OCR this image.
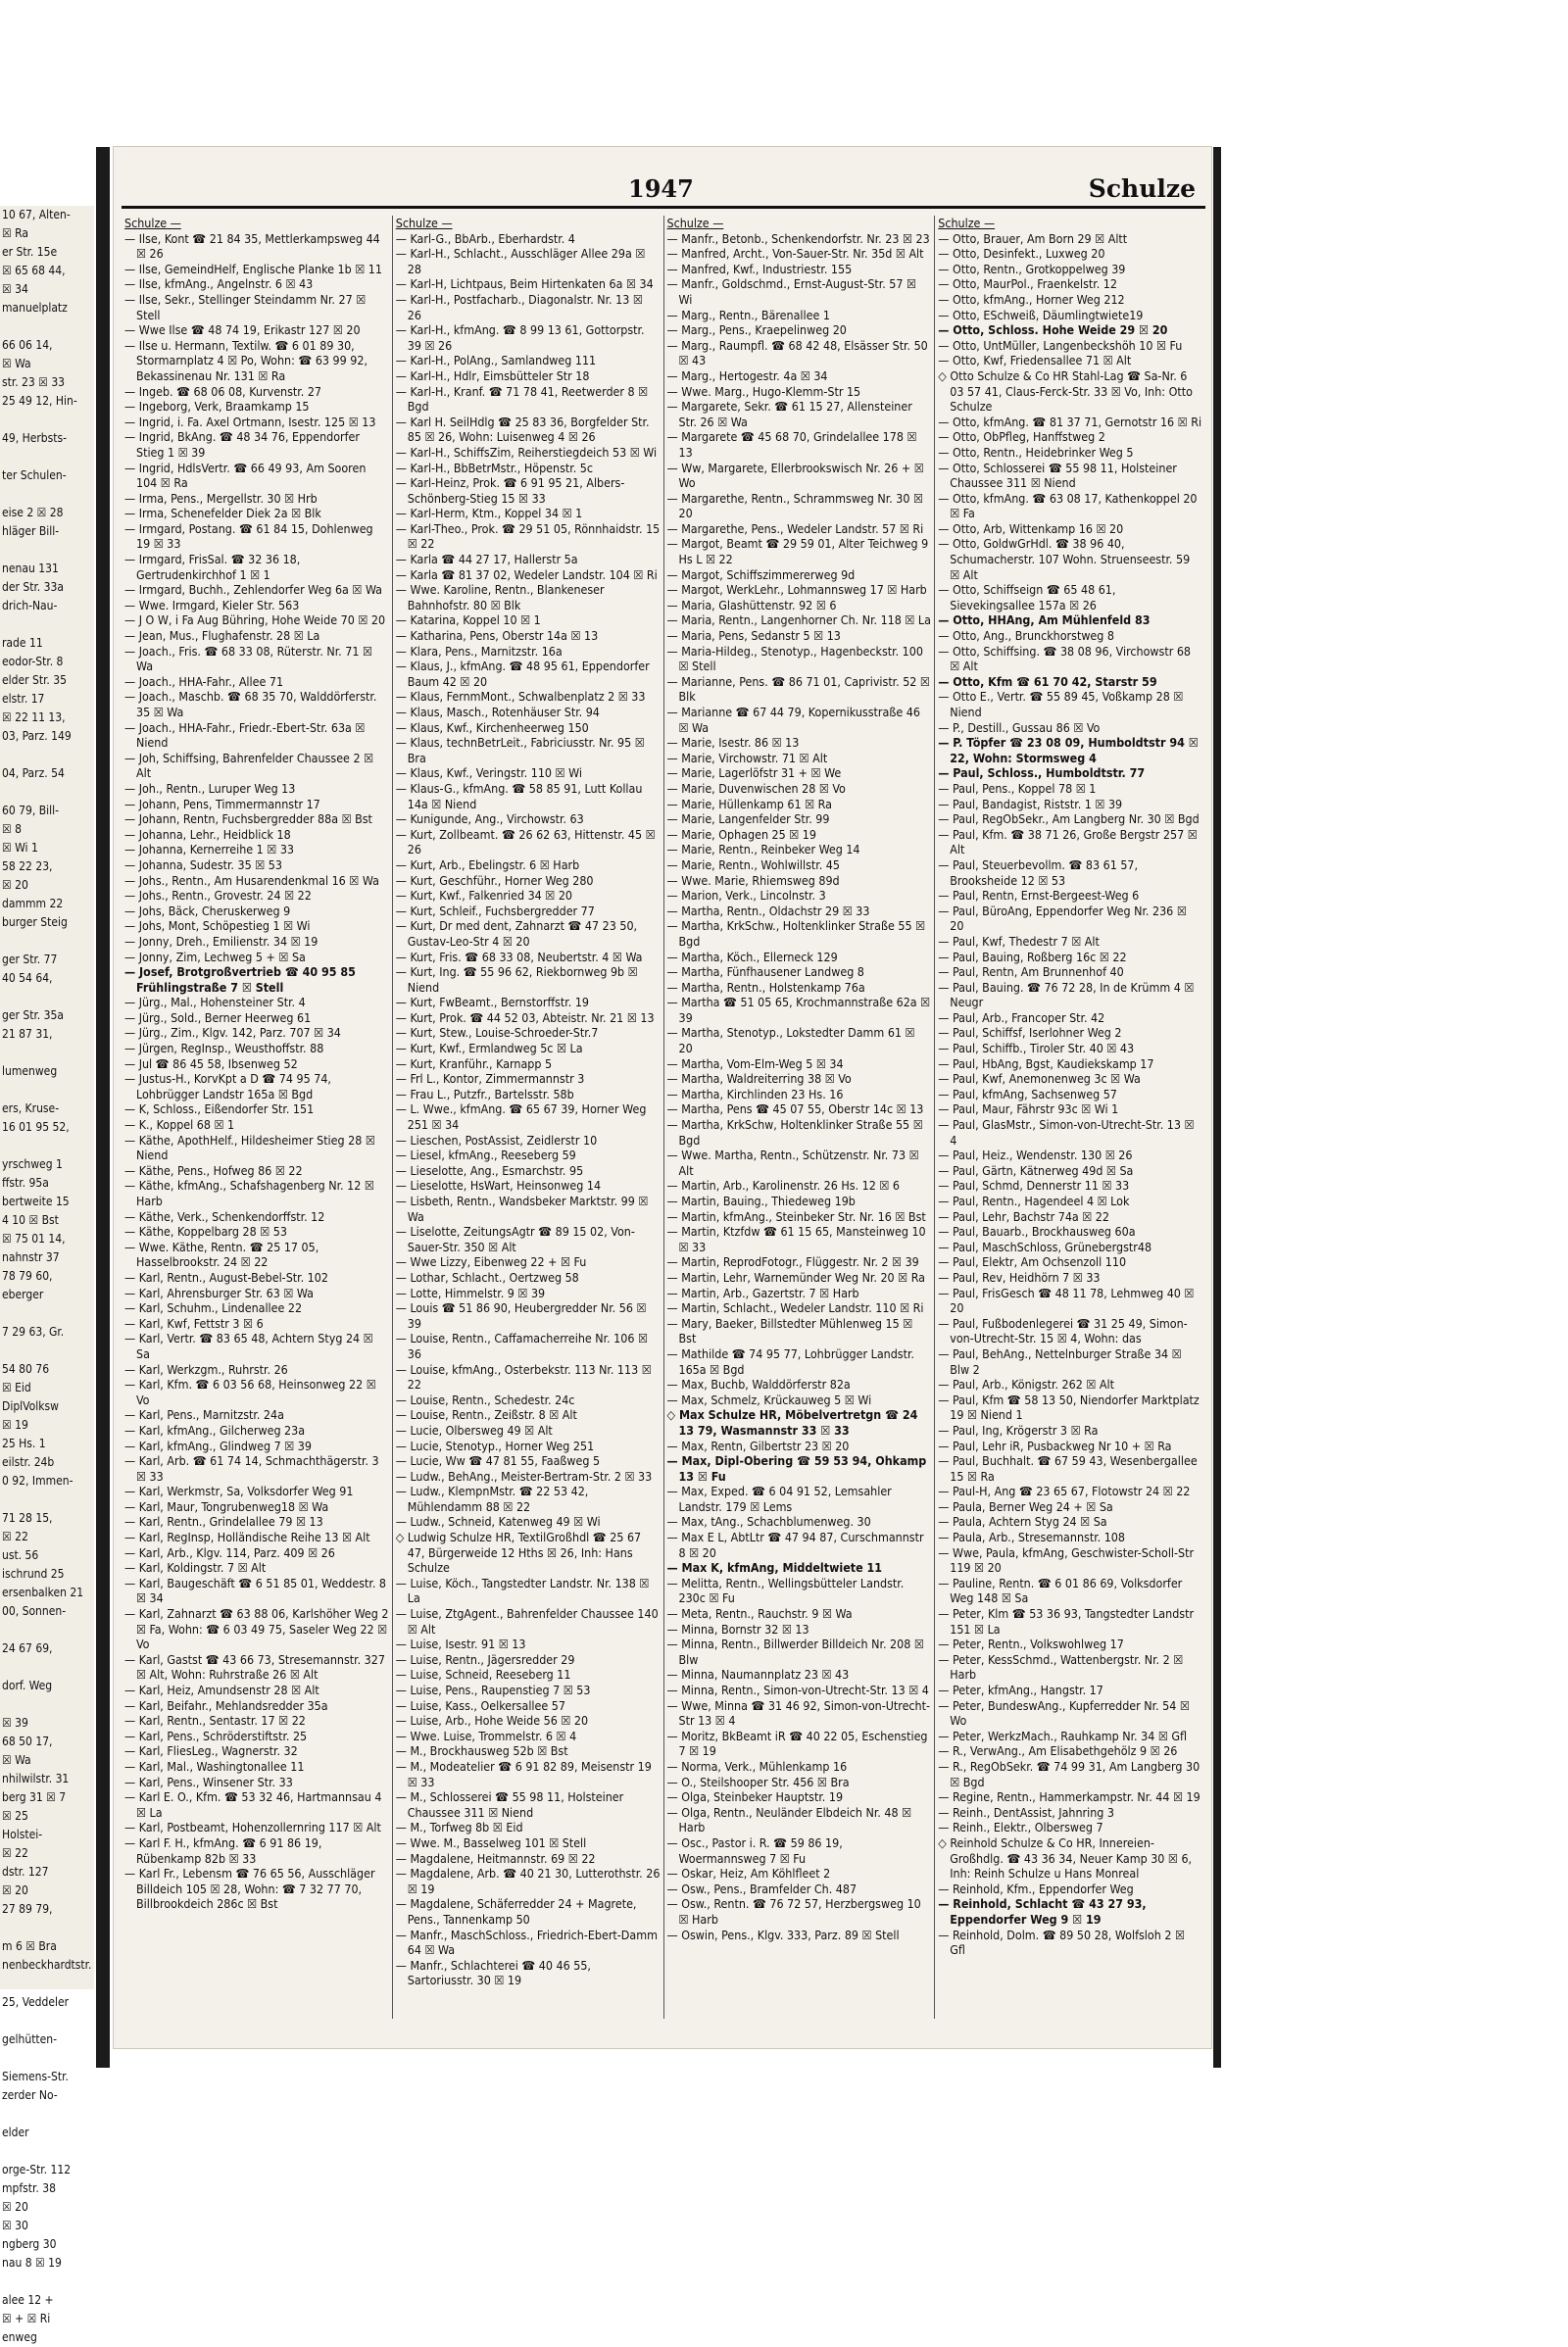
10 67, Alten-
☒ Ra
er Str. 15e
☒ 65 68 44,
☒ 34
manuelplatz

66 06 14,
☒ Wa
str. 23 ☒ 33
25 49 12, Hin-

49, Herbsts-

ter Schulen-

eise 2 ☒ 28
hläger Bill-

nenau 131
der Str. 33a
drich-Nau-

rade 11
eodor-Str. 8
elder Str. 35
elstr. 17
☒ 22 11 13,
03, Parz. 149

04, Parz. 54

60 79, Bill-
☒ 8
☒ Wi 1
58 22 23,
☒ 20
dammm 22
burger Steig

ger Str. 77
40 54 64,

ger Str. 35a
21 87 31,

lumenweg

ers, Kruse-
16 01 95 52,

yrschweg 1
ffstr. 95a
bertweite 15
4 10 ☒ Bst
☒ 75 01 14,
nahnstr 37
78 79 60,
eberger

7 29 63, Gr.

54 80 76
☒ Eid
DiplVolksw
☒ 19
25 Hs. 1
eilstr. 24b
0 92, Immen-

71 28 15,
☒ 22
ust. 56
ischrund 25
ersenbalken 21
00, Sonnen-

24 67 69,

dorf. Weg

☒ 39
68 50 17,
☒ Wa
nhilwilstr. 31
berg 31 ☒ 7
☒ 25
Holstei-
☒ 22
dstr. 127
☒ 20
27 89 79,

m 6 ☒ Bra
nenbeckhardtstr.

25, Veddeler

gelhütten-

Siemens-Str.
zerder No-

elder

orge-Str. 112
mpfstr. 38
☒ 20
☒ 30
ngberg 30
nau 8 ☒ 19

alee 12 +
☒ + ☒ Ri
enweg
1947	Schulze
Schulze —
— Ilse, Kont ☎ 21 84 35, Mettlerkampsweg 44 ☒ 26
— Ilse, GemeindHelf, Englische Planke 1b ☒ 11
— Ilse, kfmAng., Angelnstr. 6 ☒ 43
— Ilse, Sekr., Stellinger Steindamm Nr. 27 ☒ Stell
— Wwe Ilse ☎ 48 74 19, Erikastr 127 ☒ 20
— Ilse u. Hermann, Textilw. ☎ 6 01 89 30, Stormarnplatz 4 ☒ Po, Wohn: ☎ 63 99 92, Bekassinenau Nr. 131 ☒ Ra
— Ingeb. ☎ 68 06 08, Kurvenstr. 27
— Ingeborg, Verk, Braamkamp 15
— Ingrid, i. Fa. Axel Ortmann, Isestr. 125 ☒ 13
— Ingrid, BkAng. ☎ 48 34 76, Eppendorfer Stieg 1 ☒ 39
— Ingrid, HdlsVertr. ☎ 66 49 93, Am Sooren 104 ☒ Ra
— Irma, Pens., Mergellstr. 30 ☒ Hrb
— Irma, Schenefelder Diek 2a ☒ Blk
— Irmgard, Postang. ☎ 61 84 15, Dohlenweg 19 ☒ 33
— Irmgard, FrisSal. ☎ 32 36 18, Gertrudenkirchhof 1 ☒ 1
— Irmgard, Buchh., Zehlendorfer Weg 6a ☒ Wa
— Wwe. Irmgard, Kieler Str. 563
— J O W, i Fa Aug Bühring, Hohe Weide 70 ☒ 20
— Jean, Mus., Flughafenstr. 28 ☒ La
— Joach., Fris. ☎ 68 33 08, Rüterstr. Nr. 71 ☒ Wa
— Joach., HHA-Fahr., Allee 71
— Joach., Maschb. ☎ 68 35 70, Walddörferstr. 35 ☒ Wa
— Joach., HHA-Fahr., Friedr.-Ebert-Str. 63a ☒ Niend
— Joh, Schiffsing, Bahrenfelder Chaussee 2 ☒ Alt
— Joh., Rentn., Luruper Weg 13
— Johann, Pens, Timmermannstr 17
— Johann, Rentn, Fuchsbergredder 88a ☒ Bst
— Johanna, Lehr., Heidblick 18
— Johanna, Kernerreihe 1 ☒ 33
— Johanna, Sudestr. 35 ☒ 53
— Johs., Rentn., Am Husarendenkmal 16 ☒ Wa
— Johs., Rentn., Grovestr. 24 ☒ 22
— Johs, Bäck, Cheruskerweg 9
— Johs, Mont, Schöpestieg 1 ☒ Wi
— Jonny, Dreh., Emilienstr. 34 ☒ 19
— Jonny, Zim, Lechweg 5 + ☒ Sa
— Josef, Brotgroßvertrieb ☎ 40 95 85 Frühlingstraße 7 ☒ Stell
— Jürg., Mal., Hohensteiner Str. 4
— Jürg., Sold., Berner Heerweg 61
— Jürg., Zim., Klgv. 142, Parz. 707 ☒ 34
— Jürgen, RegInsp., Weusthoffstr. 88
— Jul ☎ 86 45 58, Ibsenweg 52
— Justus-H., KorvKpt a D ☎ 74 95 74, Lohbrügger Landstr 165a ☒ Bgd
— K, Schloss., Eißendorfer Str. 151
— K., Koppel 68 ☒ 1
— Käthe, ApothHelf., Hildesheimer Stieg 28 ☒ Niend
— Käthe, Pens., Hofweg 86 ☒ 22
— Käthe, kfmAng., Schafshagenberg Nr. 12 ☒ Harb
— Käthe, Verk., Schenkendorffstr. 12
— Käthe, Koppelbarg 28 ☒ 53
— Wwe. Käthe, Rentn. ☎ 25 17 05, Hasselbrookstr. 24 ☒ 22
— Karl, Rentn., August-Bebel-Str. 102
— Karl, Ahrensburger Str. 63 ☒ Wa
— Karl, Schuhm., Lindenallee 22
— Karl, Kwf, Fettstr 3 ☒ 6
— Karl, Vertr. ☎ 83 65 48, Achtern Styg 24 ☒ Sa
— Karl, Werkzgm., Ruhrstr. 26
— Karl, Kfm. ☎ 6 03 56 68, Heinsonweg 22 ☒ Vo
— Karl, Pens., Marnitzstr. 24a
— Karl, kfmAng., Gilcherweg 23a
— Karl, kfmAng., Glindweg 7 ☒ 39
— Karl, Arb. ☎ 61 74 14, Schmachthägerstr. 3 ☒ 33
— Karl, Werkmstr, Sa, Volksdorfer Weg 91
— Karl, Maur, Tongrubenweg18 ☒ Wa
— Karl, Rentn., Grindelallee 79 ☒ 13
— Karl, RegInsp, Holländische Reihe 13 ☒ Alt
— Karl, Arb., Klgv. 114, Parz. 409 ☒ 26
— Karl, Koldingstr. 7 ☒ Alt
— Karl, Baugeschäft ☎ 6 51 85 01, Weddestr. 8 ☒ 34
— Karl, Zahnarzt ☎ 63 88 06, Karlshöher Weg 2 ☒ Fa, Wohn: ☎ 6 03 49 75, Saseler Weg 22 ☒ Vo
— Karl, Gastst ☎ 43 66 73, Stresemannstr. 327 ☒ Alt, Wohn: Ruhrstraße 26 ☒ Alt
— Karl, Heiz, Amundsenstr 28 ☒ Alt
— Karl, Beifahr., Mehlandsredder 35a
— Karl, Rentn., Sentastr. 17 ☒ 22
— Karl, Pens., Schröderstiftstr. 25
— Karl, FliesLeg., Wagnerstr. 32
— Karl, Mal., Washingtonallee 11
— Karl, Pens., Winsener Str. 33
— Karl E. O., Kfm. ☎ 53 32 46, Hartmannsau 4 ☒ La
— Karl, Postbeamt, Hohenzollernring 117 ☒ Alt
— Karl F. H., kfmAng. ☎ 6 91 86 19, Rübenkamp 82b ☒ 33
— Karl Fr., Lebensm ☎ 76 65 56, Ausschläger Billdeich 105 ☒ 28, Wohn: ☎ 7 32 77 70, Billbrookdeich 286c ☒ Bst
Schulze —
— Karl-G., BbArb., Eberhardstr. 4
— Karl-H., Schlacht., Ausschläger Allee 29a ☒ 28
— Karl-H, Lichtpaus, Beim Hirtenkaten 6a ☒ 34
— Karl-H., Postfacharb., Diagonalstr. Nr. 13 ☒ 26
— Karl-H., kfmAng. ☎ 8 99 13 61, Gottorpstr. 39 ☒ 26
— Karl-H., PolAng., Samlandweg 111
— Karl-H., Hdlr, Eimsbütteler Str 18
— Karl-H., Kranf. ☎ 71 78 41, Reetwerder 8 ☒ Bgd
— Karl H. SeilHdlg ☎ 25 83 36, Borgfelder Str. 85 ☒ 26, Wohn: Luisenweg 4 ☒ 26
— Karl-H., SchiffsZim, Reiherstiegdeich 53 ☒ Wi
— Karl-H., BbBetrMstr., Höpenstr. 5c
— Karl-Heinz, Prok. ☎ 6 91 95 21, Albers-Schönberg-Stieg 15 ☒ 33
— Karl-Herm, Ktm., Koppel 34 ☒ 1
— Karl-Theo., Prok. ☎ 29 51 05, Rönnhaidstr. 15 ☒ 22
— Karla ☎ 44 27 17, Hallerstr 5a
— Karla ☎ 81 37 02, Wedeler Landstr. 104 ☒ Ri
— Wwe. Karoline, Rentn., Blankeneser Bahnhofstr. 80 ☒ Blk
— Katarina, Koppel 10 ☒ 1
— Katharina, Pens, Oberstr 14a ☒ 13
— Klara, Pens., Marnitzstr. 16a
— Klaus, J., kfmAng. ☎ 48 95 61, Eppendorfer Baum 42 ☒ 20
— Klaus, FernmMont., Schwalbenplatz 2 ☒ 33
— Klaus, Masch., Rotenhäuser Str. 94
— Klaus, Kwf., Kirchenheerweg 150
— Klaus, technBetrLeit., Fabriciusstr. Nr. 95 ☒ Bra
— Klaus, Kwf., Veringstr. 110 ☒ Wi
— Klaus-G., kfmAng. ☎ 58 85 91, Lutt Kollau 14a ☒ Niend
— Kunigunde, Ang., Virchowstr. 63
— Kurt, Zollbeamt. ☎ 26 62 63, Hittenstr. 45 ☒ 26
— Kurt, Arb., Ebelingstr. 6 ☒ Harb
— Kurt, Geschführ., Horner Weg 280
— Kurt, Kwf., Falkenried 34 ☒ 20
— Kurt, Schleif., Fuchsbergredder 77
— Kurt, Dr med dent, Zahnarzt ☎ 47 23 50, Gustav-Leo-Str 4 ☒ 20
— Kurt, Fris. ☎ 68 33 08, Neubertstr. 4 ☒ Wa
— Kurt, Ing. ☎ 55 96 62, Riekbornweg 9b ☒ Niend
— Kurt, FwBeamt., Bernstorffstr. 19
— Kurt, Prok. ☎ 44 52 03, Abteistr. Nr. 21 ☒ 13
— Kurt, Stew., Louise-Schroeder-Str.7
— Kurt, Kwf., Ermlandweg 5c ☒ La
— Kurt, Kranführ., Karnapp 5
— Frl L., Kontor, Zimmermannstr 3
— Frau L., Putzfr., Bartelsstr. 58b
— L. Wwe., kfmAng. ☎ 65 67 39, Horner Weg 251 ☒ 34
— Lieschen, PostAssist, Zeidlerstr 10
— Liesel, kfmAng., Reeseberg 59
— Lieselotte, Ang., Esmarchstr. 95
— Lieselotte, HsWart, Heinsonweg 14
— Lisbeth, Rentn., Wandsbeker Marktstr. 99 ☒ Wa
— Liselotte, ZeitungsAgtr ☎ 89 15 02, Von-Sauer-Str. 350 ☒ Alt
— Wwe Lizzy, Eibenweg 22 + ☒ Fu
— Lothar, Schlacht., Oertzweg 58
— Lotte, Himmelstr. 9 ☒ 39
— Louis ☎ 51 86 90, Heubergredder Nr. 56 ☒ 39
— Louise, Rentn., Caffamacherreihe Nr. 106 ☒ 36
— Louise, kfmAng., Osterbekstr. 113 Nr. 113 ☒ 22
— Louise, Rentn., Schedestr. 24c
— Louise, Rentn., Zeißstr. 8 ☒ Alt
— Lucie, Olbersweg 49 ☒ Alt
— Lucie, Stenotyp., Horner Weg 251
— Lucie, Ww ☎ 47 81 55, Faaßweg 5
— Ludw., BehAng., Meister-Bertram-Str. 2 ☒ 33
— Ludw., KlempnMstr. ☎ 22 53 42, Mühlendamm 88 ☒ 22
— Ludw., Schneid, Katenweg 49 ☒ Wi
◇ Ludwig Schulze HR, TextilGroßhdl ☎ 25 67 47, Bürgerweide 12 Hths ☒ 26, Inh: Hans Schulze
— Luise, Köch., Tangstedter Landstr. Nr. 138 ☒ La
— Luise, ZtgAgent., Bahrenfelder Chaussee 140 ☒ Alt
— Luise, Isestr. 91 ☒ 13
— Luise, Rentn., Jägersredder 29
— Luise, Schneid, Reeseberg 11
— Luise, Pens., Raupenstieg 7 ☒ 53
— Luise, Kass., Oelkersallee 57
— Luise, Arb., Hohe Weide 56 ☒ 20
— Wwe. Luise, Trommelstr. 6 ☒ 4
— M., Brockhausweg 52b ☒ Bst
— M., Modeatelier ☎ 6 91 82 89, Meisenstr 19 ☒ 33
— M., Schlosserei ☎ 55 98 11, Holsteiner Chaussee 311 ☒ Niend
— M., Torfweg 8b ☒ Eid
— Wwe. M., Basselweg 101 ☒ Stell
— Magdalene, Heitmannstr. 69 ☒ 22
— Magdalene, Arb. ☎ 40 21 30, Lutterothstr. 26 ☒ 19
— Magdalene, Schäferredder 24 + Magrete, Pens., Tannenkamp 50
— Manfr., MaschSchloss., Friedrich-Ebert-Damm 64 ☒ Wa
— Manfr., Schlachterei ☎ 40 46 55, Sartoriusstr. 30 ☒ 19
Schulze —
— Manfr., Betonb., Schenkendorfstr. Nr. 23 ☒ 23
— Manfred, Archt., Von-Sauer-Str. Nr. 35d ☒ Alt
— Manfred, Kwf., Industriestr. 155
— Manfr., Goldschmd., Ernst-August-Str. 57 ☒ Wi
— Marg., Rentn., Bärenallee 1
— Marg., Pens., Kraepelinweg 20
— Marg., Raumpfl. ☎ 68 42 48, Elsässer Str. 50 ☒ 43
— Marg., Hertogestr. 4a ☒ 34
— Wwe. Marg., Hugo-Klemm-Str 15
— Margarete, Sekr. ☎ 61 15 27, Allensteiner Str. 26 ☒ Wa
— Margarete ☎ 45 68 70, Grindelallee 178 ☒ 13
— Ww, Margarete, Ellerbrookswisch Nr. 26 + ☒ Wo
— Margarethe, Rentn., Schrammsweg Nr. 30 ☒ 20
— Margarethe, Pens., Wedeler Landstr. 57 ☒ Ri
— Margot, Beamt ☎ 29 59 01, Alter Teichweg 9 Hs L ☒ 22
— Margot, Schiffszimmererweg 9d
— Margot, WerkLehr., Lohmannsweg 17 ☒ Harb
— Maria, Glashüttenstr. 92 ☒ 6
— Maria, Rentn., Langenhorner Ch. Nr. 118 ☒ La
— Maria, Pens, Sedanstr 5 ☒ 13
— Maria-Hildeg., Stenotyp., Hagenbeckstr. 100 ☒ Stell
— Marianne, Pens. ☎ 86 71 01, Caprivistr. 52 ☒ Blk
— Marianne ☎ 67 44 79, Kopernikusstraße 46 ☒ Wa
— Marie, Isestr. 86 ☒ 13
— Marie, Virchowstr. 71 ☒ Alt
— Marie, Lagerlöfstr 31 + ☒ We
— Marie, Duvenwischen 28 ☒ Vo
— Marie, Hüllenkamp 61 ☒ Ra
— Marie, Langenfelder Str. 99
— Marie, Ophagen 25 ☒ 19
— Marie, Rentn., Reinbeker Weg 14
— Marie, Rentn., Wohlwillstr. 45
— Wwe. Marie, Rhiemsweg 89d
— Marion, Verk., Lincolnstr. 3
— Martha, Rentn., Oldachstr 29 ☒ 33
— Martha, KrkSchw., Holtenklinker Straße 55 ☒ Bgd
— Martha, Köch., Ellerneck 129
— Martha, Fünfhausener Landweg 8
— Martha, Rentn., Holstenkamp 76a
— Martha ☎ 51 05 65, Krochmannstraße 62a ☒ 39
— Martha, Stenotyp., Lokstedter Damm 61 ☒ 20
— Martha, Vom-Elm-Weg 5 ☒ 34
— Martha, Waldreiterring 38 ☒ Vo
— Martha, Kirchlinden 23 Hs. 16
— Martha, Pens ☎ 45 07 55, Oberstr 14c ☒ 13
— Martha, KrkSchw, Holtenklinker Straße 55 ☒ Bgd
— Wwe. Martha, Rentn., Schützenstr. Nr. 73 ☒ Alt
— Martin, Arb., Karolinenstr. 26 Hs. 12 ☒ 6
— Martin, Bauing., Thiedeweg 19b
— Martin, kfmAng., Steinbeker Str. Nr. 16 ☒ Bst
— Martin, Ktzfdw ☎ 61 15 65, Mansteinweg 10 ☒ 33
— Martin, ReprodFotogr., Flüggestr. Nr. 2 ☒ 39
— Martin, Lehr, Warnemünder Weg Nr. 20 ☒ Ra
— Martin, Arb., Gazertstr. 7 ☒ Harb
— Martin, Schlacht., Wedeler Landstr. 110 ☒ Ri
— Mary, Baeker, Billstedter Mühlenweg 15 ☒ Bst
— Mathilde ☎ 74 95 77, Lohbrügger Landstr. 165a ☒ Bgd
— Max, Buchb, Walddörferstr 82a
— Max, Schmelz, Krückauweg 5 ☒ Wi
◇ Max Schulze HR, Möbelvertretgn ☎ 24 13 79, Wasmannstr 33 ☒ 33
— Max, Rentn, Gilbertstr 23 ☒ 20
— Max, Dipl-Obering ☎ 59 53 94, Ohkamp 13 ☒ Fu
— Max, Exped. ☎ 6 04 91 52, Lemsahler Landstr. 179 ☒ Lems
— Max, tAng., Schachblumenweg. 30
— Max E L, AbtLtr ☎ 47 94 87, Curschmannstr 8 ☒ 20
— Max K, kfmAng, Middeltwiete 11
— Melitta, Rentn., Wellingsbütteler Landstr. 230c ☒ Fu
— Meta, Rentn., Rauchstr. 9 ☒ Wa
— Minna, Bornstr 32 ☒ 13
— Minna, Rentn., Billwerder Billdeich Nr. 208 ☒ Blw
— Minna, Naumannplatz 23 ☒ 43
— Minna, Rentn., Simon-von-Utrecht-Str. 13 ☒ 4
— Wwe, Minna ☎ 31 46 92, Simon-von-Utrecht-Str 13 ☒ 4
— Moritz, BkBeamt iR ☎ 40 22 05, Eschenstieg 7 ☒ 19
— Norma, Verk., Mühlenkamp 16
— O., Steilshooper Str. 456 ☒ Bra
— Olga, Steinbeker Hauptstr. 19
— Olga, Rentn., Neuländer Elbdeich Nr. 48 ☒ Harb
— Osc., Pastor i. R. ☎ 59 86 19, Woermannsweg 7 ☒ Fu
— Oskar, Heiz, Am Köhlfleet 2
— Osw., Pens., Bramfelder Ch. 487
— Osw., Rentn. ☎ 76 72 57, Herzbergsweg 10 ☒ Harb
— Oswin, Pens., Klgv. 333, Parz. 89 ☒ Stell
Schulze —
— Otto, Brauer, Am Born 29 ☒ Altt
— Otto, Desinfekt., Luxweg 20
— Otto, Rentn., Grotkoppelweg 39
— Otto, MaurPol., Fraenkelstr. 12
— Otto, kfmAng., Horner Weg 212
— Otto, ESchweiß, Däumlingtwiete19
— Otto, Schloss. Hohe Weide 29 ☒ 20
— Otto, UntMüller, Langenbeckshöh 10 ☒ Fu
— Otto, Kwf, Friedensallee 71 ☒ Alt
◇ Otto Schulze & Co HR Stahl-Lag ☎ Sa-Nr. 6 03 57 41, Claus-Ferck-Str. 33 ☒ Vo, Inh: Otto Schulze
— Otto, kfmAng. ☎ 81 37 71, Gernotstr 16 ☒ Ri
— Otto, ObPfleg, Hanffstweg 2
— Otto, Rentn., Heidebrinker Weg 5
— Otto, Schlosserei ☎ 55 98 11, Holsteiner Chaussee 311 ☒ Niend
— Otto, kfmAng. ☎ 63 08 17, Kathenkoppel 20 ☒ Fa
— Otto, Arb, Wittenkamp 16 ☒ 20
— Otto, GoldwGrHdl. ☎ 38 96 40, Schumacherstr. 107 Wohn. Struenseestr. 59 ☒ Alt
— Otto, Schiffseign ☎ 65 48 61, Sievekingsallee 157a ☒ 26
— Otto, HHAng, Am Mühlenfeld 83
— Otto, Ang., Brunckhorstweg 8
— Otto, Schiffsing. ☎ 38 08 96, Virchowstr 68 ☒ Alt
— Otto, Kfm ☎ 61 70 42, Starstr 59
— Otto E., Vertr. ☎ 55 89 45, Voßkamp 28 ☒ Niend
— P., Destill., Gussau 86 ☒ Vo
— P. Töpfer ☎ 23 08 09, Humboldtstr 94 ☒ 22, Wohn: Stormsweg 4
— Paul, Schloss., Humboldtstr. 77
— Paul, Pens., Koppel 78 ☒ 1
— Paul, Bandagist, Riststr. 1 ☒ 39
— Paul, RegObSekr., Am Langberg Nr. 30 ☒ Bgd
— Paul, Kfm. ☎ 38 71 26, Große Bergstr 257 ☒ Alt
— Paul, Steuerbevollm. ☎ 83 61 57, Brooksheide 12 ☒ 53
— Paul, Rentn, Ernst-Bergeest-Weg 6
— Paul, BüroAng, Eppendorfer Weg Nr. 236 ☒ 20
— Paul, Kwf, Thedestr 7 ☒ Alt
— Paul, Bauing, Roßberg 16c ☒ 22
— Paul, Rentn, Am Brunnenhof 40
— Paul, Bauing. ☎ 76 72 28, In de Krümm 4 ☒ Neugr
— Paul, Arb., Francoper Str. 42
— Paul, Schiffsf, Iserlohner Weg 2
— Paul, Schiffb., Tiroler Str. 40 ☒ 43
— Paul, HbAng, Bgst, Kaudiekskamp 17
— Paul, Kwf, Anemonenweg 3c ☒ Wa
— Paul, kfmAng, Sachsenweg 57
— Paul, Maur, Fährstr 93c ☒ Wi 1
— Paul, GlasMstr., Simon-von-Utrecht-Str. 13 ☒ 4
— Paul, Heiz., Wendenstr. 130 ☒ 26
— Paul, Gärtn, Kätnerweg 49d ☒ Sa
— Paul, Schmd, Dennerstr 11 ☒ 33
— Paul, Rentn., Hagendeel 4 ☒ Lok
— Paul, Lehr, Bachstr 74a ☒ 22
— Paul, Bauarb., Brockhausweg 60a
— Paul, MaschSchloss, Grünebergstr48
— Paul, Elektr, Am Ochsenzoll 110
— Paul, Rev, Heidhörn 7 ☒ 33
— Paul, FrisGesch ☎ 48 11 78, Lehmweg 40 ☒ 20
— Paul, Fußbodenlegerei ☎ 31 25 49, Simon-von-Utrecht-Str. 15 ☒ 4, Wohn: das
— Paul, BehAng., Nettelnburger Straße 34 ☒ Blw 2
— Paul, Arb., Königstr. 262 ☒ Alt
— Paul, Kfm ☎ 58 13 50, Niendorfer Marktplatz 19 ☒ Niend 1
— Paul, Ing, Krögerstr 3 ☒ Ra
— Paul, Lehr iR, Pusbackweg Nr 10 + ☒ Ra
— Paul, Buchhalt. ☎ 67 59 43, Wesenbergallee 15 ☒ Ra
— Paul-H, Ang ☎ 23 65 67, Flotowstr 24 ☒ 22
— Paula, Berner Weg 24 + ☒ Sa
— Paula, Achtern Styg 24 ☒ Sa
— Paula, Arb., Stresemannstr. 108
— Wwe, Paula, kfmAng, Geschwister-Scholl-Str 119 ☒ 20
— Pauline, Rentn. ☎ 6 01 86 69, Volksdorfer Weg 148 ☒ Sa
— Peter, Klm ☎ 53 36 93, Tangstedter Landstr 151 ☒ La
— Peter, Rentn., Volkswohlweg 17
— Peter, KessSchmd., Wattenbergstr. Nr. 2 ☒ Harb
— Peter, kfmAng., Hangstr. 17
— Peter, BundeswAng., Kupferredder Nr. 54 ☒ Wo
— Peter, WerkzMach., Rauhkamp Nr. 34 ☒ Gfl
— R., VerwAng., Am Elisabethgehölz 9 ☒ 26
— R., RegObSekr. ☎ 74 99 31, Am Langberg 30 ☒ Bgd
— Regine, Rentn., Hammerkampstr. Nr. 44 ☒ 19
— Reinh., DentAssist, Jahnring 3
— Reinh., Elektr., Olbersweg 7
◇ Reinhold Schulze & Co HR, Innereien-Großhdlg. ☎ 43 36 34, Neuer Kamp 30 ☒ 6, Inh: Reinh Schulze u Hans Monreal
— Reinhold, Kfm., Eppendorfer Weg
— Reinhold, Schlacht ☎ 43 27 93, Eppendorfer Weg 9 ☒ 19
— Reinhold, Dolm. ☎ 89 50 28, Wolfsloh 2 ☒ Gfl
